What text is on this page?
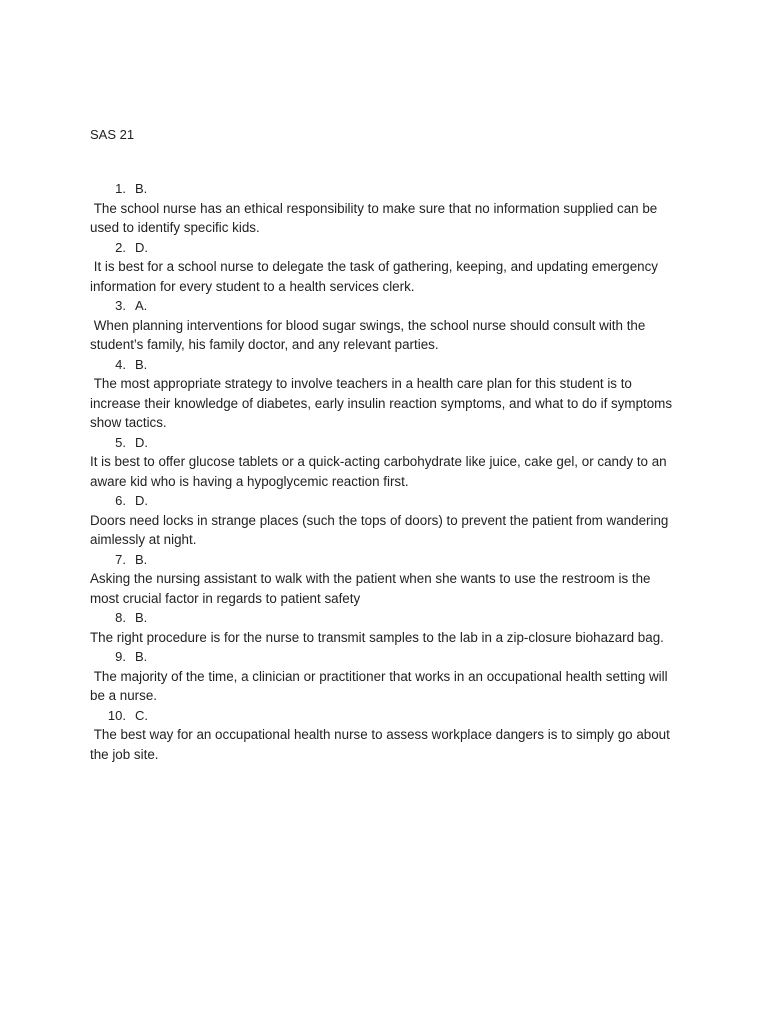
SAS 21
1. B.

The school nurse has an ethical responsibility to make sure that no information supplied can be used to identify specific kids.

2. D.

It is best for a school nurse to delegate the task of gathering, keeping, and updating emergency information for every student to a health services clerk.

3. A.

When planning interventions for blood sugar swings, the school nurse should consult with the student’s family, his family doctor, and any relevant parties.

4. B.

The most appropriate strategy to involve teachers in a health care plan for this student is to increase their knowledge of diabetes, early insulin reaction symptoms, and what to do if symptoms show tactics.

5. D.

It is best to offer glucose tablets or a quick-acting carbohydrate like juice, cake gel, or candy to an aware kid who is having a hypoglycemic reaction first.

6. D.

Doors need locks in strange places (such the tops of doors) to prevent the patient from wandering aimlessly at night.

7. B.

Asking the nursing assistant to walk with the patient when she wants to use the restroom is the most crucial factor in regards to patient safety

8. B.

The right procedure is for the nurse to transmit samples to the lab in a zip-closure biohazard bag.

9. B.

The majority of the time, a clinician or practitioner that works in an occupational health setting will be a nurse.

10. C.

The best way for an occupational health nurse to assess workplace dangers is to simply go about the job site.
